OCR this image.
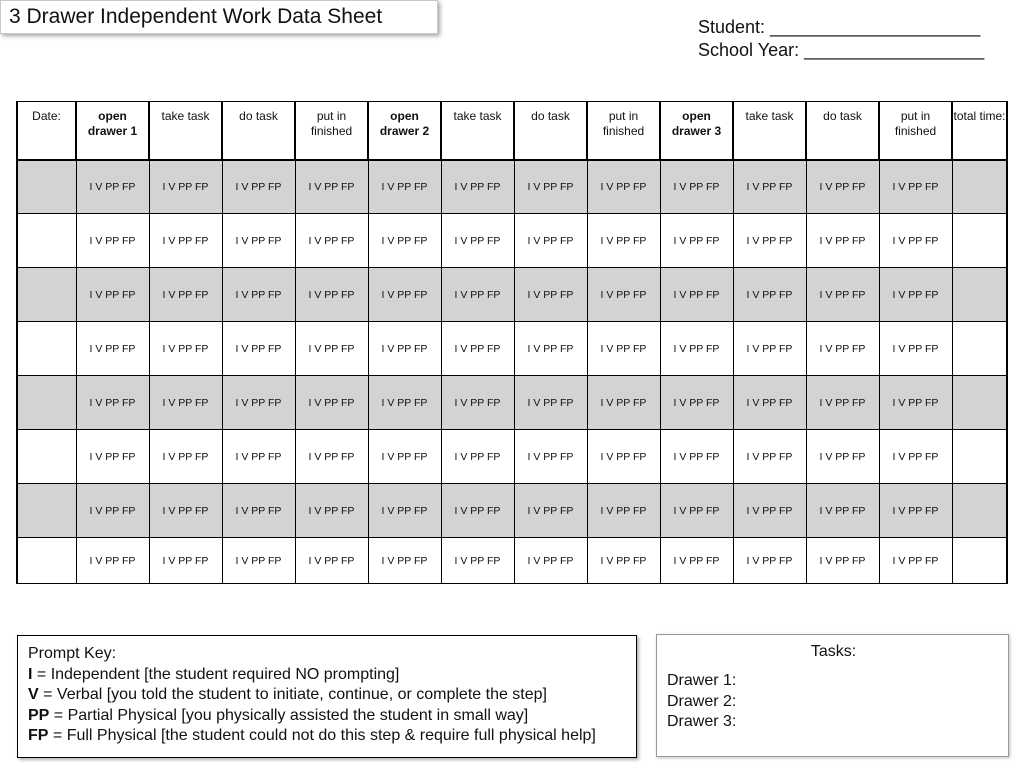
3 Drawer Independent Work Data Sheet	Student: _____________________
School Year: __________________
Date:	open drawer 1	take task	do task	put in finished	open drawer 2	take task	do task	put in finished	open drawer 3	take task	do task	put in finished	total time:
	I V PP FP	I V PP FP	I V PP FP	I V PP FP	I V PP FP	I V PP FP	I V PP FP	I V PP FP	I V PP FP	I V PP FP	I V PP FP	I V PP FP	
	I V PP FP	I V PP FP	I V PP FP	I V PP FP	I V PP FP	I V PP FP	I V PP FP	I V PP FP	I V PP FP	I V PP FP	I V PP FP	I V PP FP	
	I V PP FP	I V PP FP	I V PP FP	I V PP FP	I V PP FP	I V PP FP	I V PP FP	I V PP FP	I V PP FP	I V PP FP	I V PP FP	I V PP FP	
	I V PP FP	I V PP FP	I V PP FP	I V PP FP	I V PP FP	I V PP FP	I V PP FP	I V PP FP	I V PP FP	I V PP FP	I V PP FP	I V PP FP	
	I V PP FP	I V PP FP	I V PP FP	I V PP FP	I V PP FP	I V PP FP	I V PP FP	I V PP FP	I V PP FP	I V PP FP	I V PP FP	I V PP FP	
	I V PP FP	I V PP FP	I V PP FP	I V PP FP	I V PP FP	I V PP FP	I V PP FP	I V PP FP	I V PP FP	I V PP FP	I V PP FP	I V PP FP	
	I V PP FP	I V PP FP	I V PP FP	I V PP FP	I V PP FP	I V PP FP	I V PP FP	I V PP FP	I V PP FP	I V PP FP	I V PP FP	I V PP FP	
	I V PP FP	I V PP FP	I V PP FP	I V PP FP	I V PP FP	I V PP FP	I V PP FP	I V PP FP	I V PP FP	I V PP FP	I V PP FP	I V PP FP	
Prompt Key:
I = Independent [the student required NO prompting]
V = Verbal [you told the student to initiate, continue, or complete the step]
PP = Partial Physical [you physically assisted the student in small way]
FP = Full Physical [the student could not do this step & require full physical help]
Tasks:
Drawer 1:
Drawer 2:
Drawer 3:
